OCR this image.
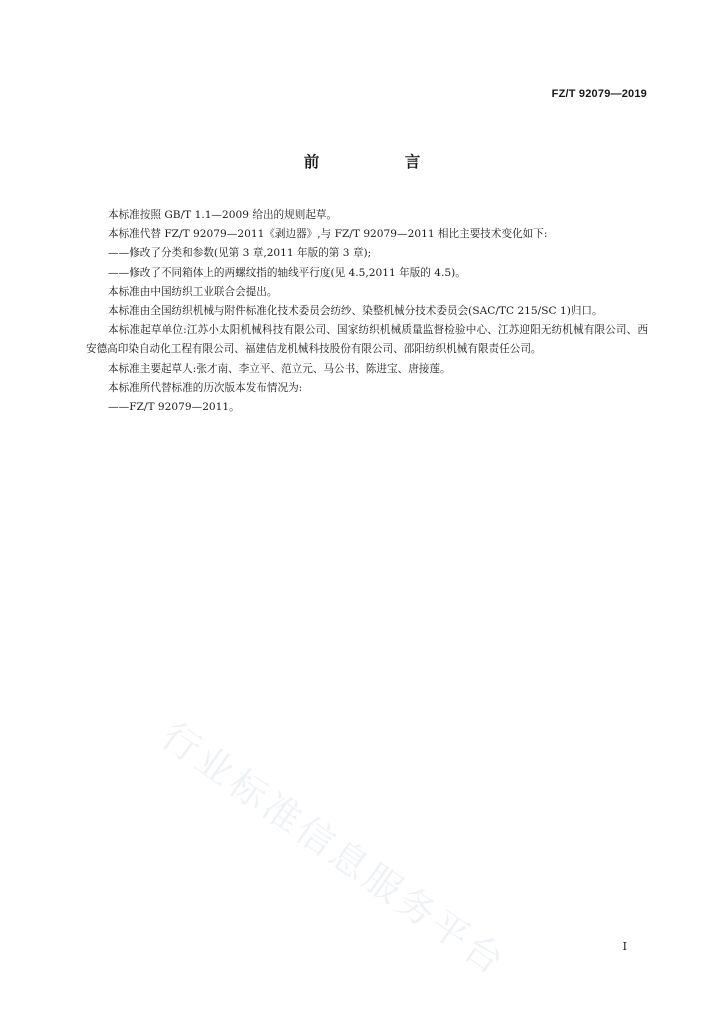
FZ/T 92079—2019
前 言

本标准按照 GB/T 1.1—2009 给出的规则起草。

本标准代替 FZ/T 92079—2011《剥边器》,与 FZ/T 92079—2011 相比主要技术变化如下:

——修改了分类和参数(见第 3 章,2011 年版的第 3 章);

——修改了不同箱体上的两螺纹指的轴线平行度(见 4.5,2011 年版的 4.5)。

本标准由中国纺织工业联合会提出。

本标准由全国纺织机械与附件标准化技术委员会纺纱、染整机械分技术委员会(SAC/TC 215/SC 1)归口。

本标准起草单位:江苏小太阳机械科技有限公司、国家纺织机械质量监督检验中心、江苏迎阳无纺机械有限公司、西安德高印染自动化工程有限公司、福建佶龙机械科技股份有限公司、邵阳纺织机械有限责任公司。

本标准主要起草人:张才南、李立平、范立元、马公书、陈进宝、唐接莲。

本标准所代替标准的历次版本发布情况为:

——FZ/T 92079—2011。

行业标准信息服务平台	I
